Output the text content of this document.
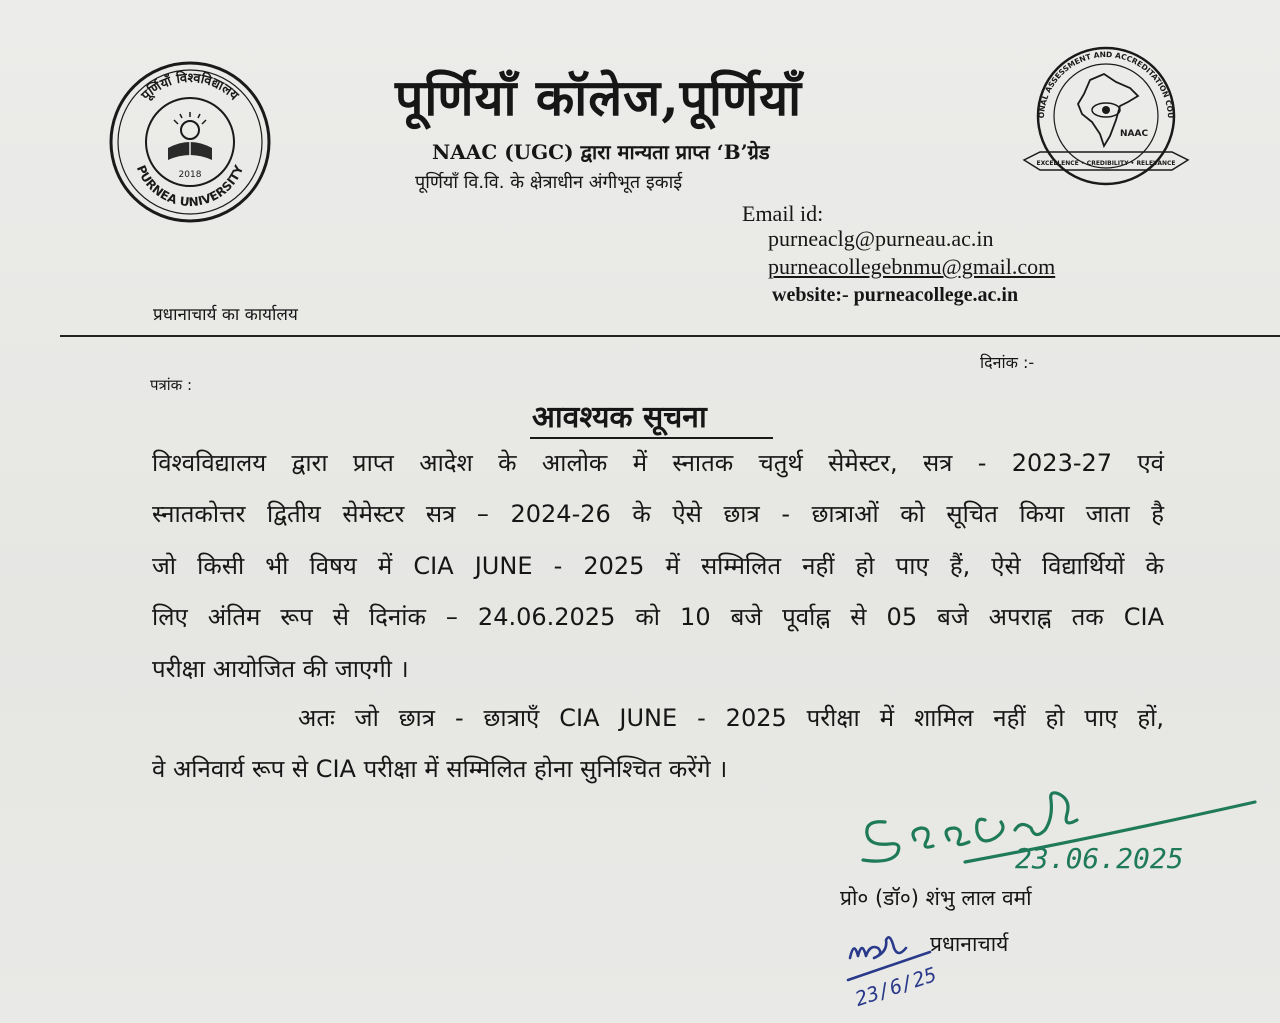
पूर्णियाँ विश्वविद्यालय
PURNEA UNIVERSITY
2018
NATIONAL ASSESSMENT AND ACCREDITATION COUNCIL
NAAC
EXCELLENCE • CREDIBILITY • RELEVANCE
पूर्णियाँ कॉलेज,पूर्णियाँ
NAAC (UGC) द्वारा मान्यता प्राप्त ‘B’ग्रेड
पूर्णियाँ वि.वि. के क्षेत्राधीन अंगीभूत इकाई
Email id:
purneaclg@purneau.ac.in
purneacollegebnmu@gmail.com
website:- purneacollege.ac.in
प्रधानाचार्य का कार्यालय
दिनांक :-
पत्रांक :
आवश्यक सूचना
विश्वविद्यालय द्वारा प्राप्त आदेश के आलोक में स्नातक चतुर्थ सेमेस्टर, सत्र - 2023-27 एवं
स्नातकोत्तर द्वितीय सेमेस्टर सत्र – 2024-26 के ऐसे छात्र - छात्राओं को सूचित किया जाता है
जो किसी भी विषय में CIA JUNE - 2025 में सम्मिलित नहीं हो पाए हैं, ऐसे विद्यार्थियों के
लिए अंतिम रूप से दिनांक – 24.06.2025 को 10 बजे पूर्वाह्न से 05 बजे अपराह्न तक CIA
परीक्षा आयोजित की जाएगी ।
अतः जो छात्र - छात्राएँ CIA JUNE - 2025 परीक्षा में शामिल नहीं हो पाए हों,
वे अनिवार्य रूप से CIA परीक्षा में सम्मिलित होना सुनिश्चित करेंगे ।
23.06.2025
प्रो० (डॉ०) शंभु लाल वर्मा
23/6/25
प्रधानाचार्य
